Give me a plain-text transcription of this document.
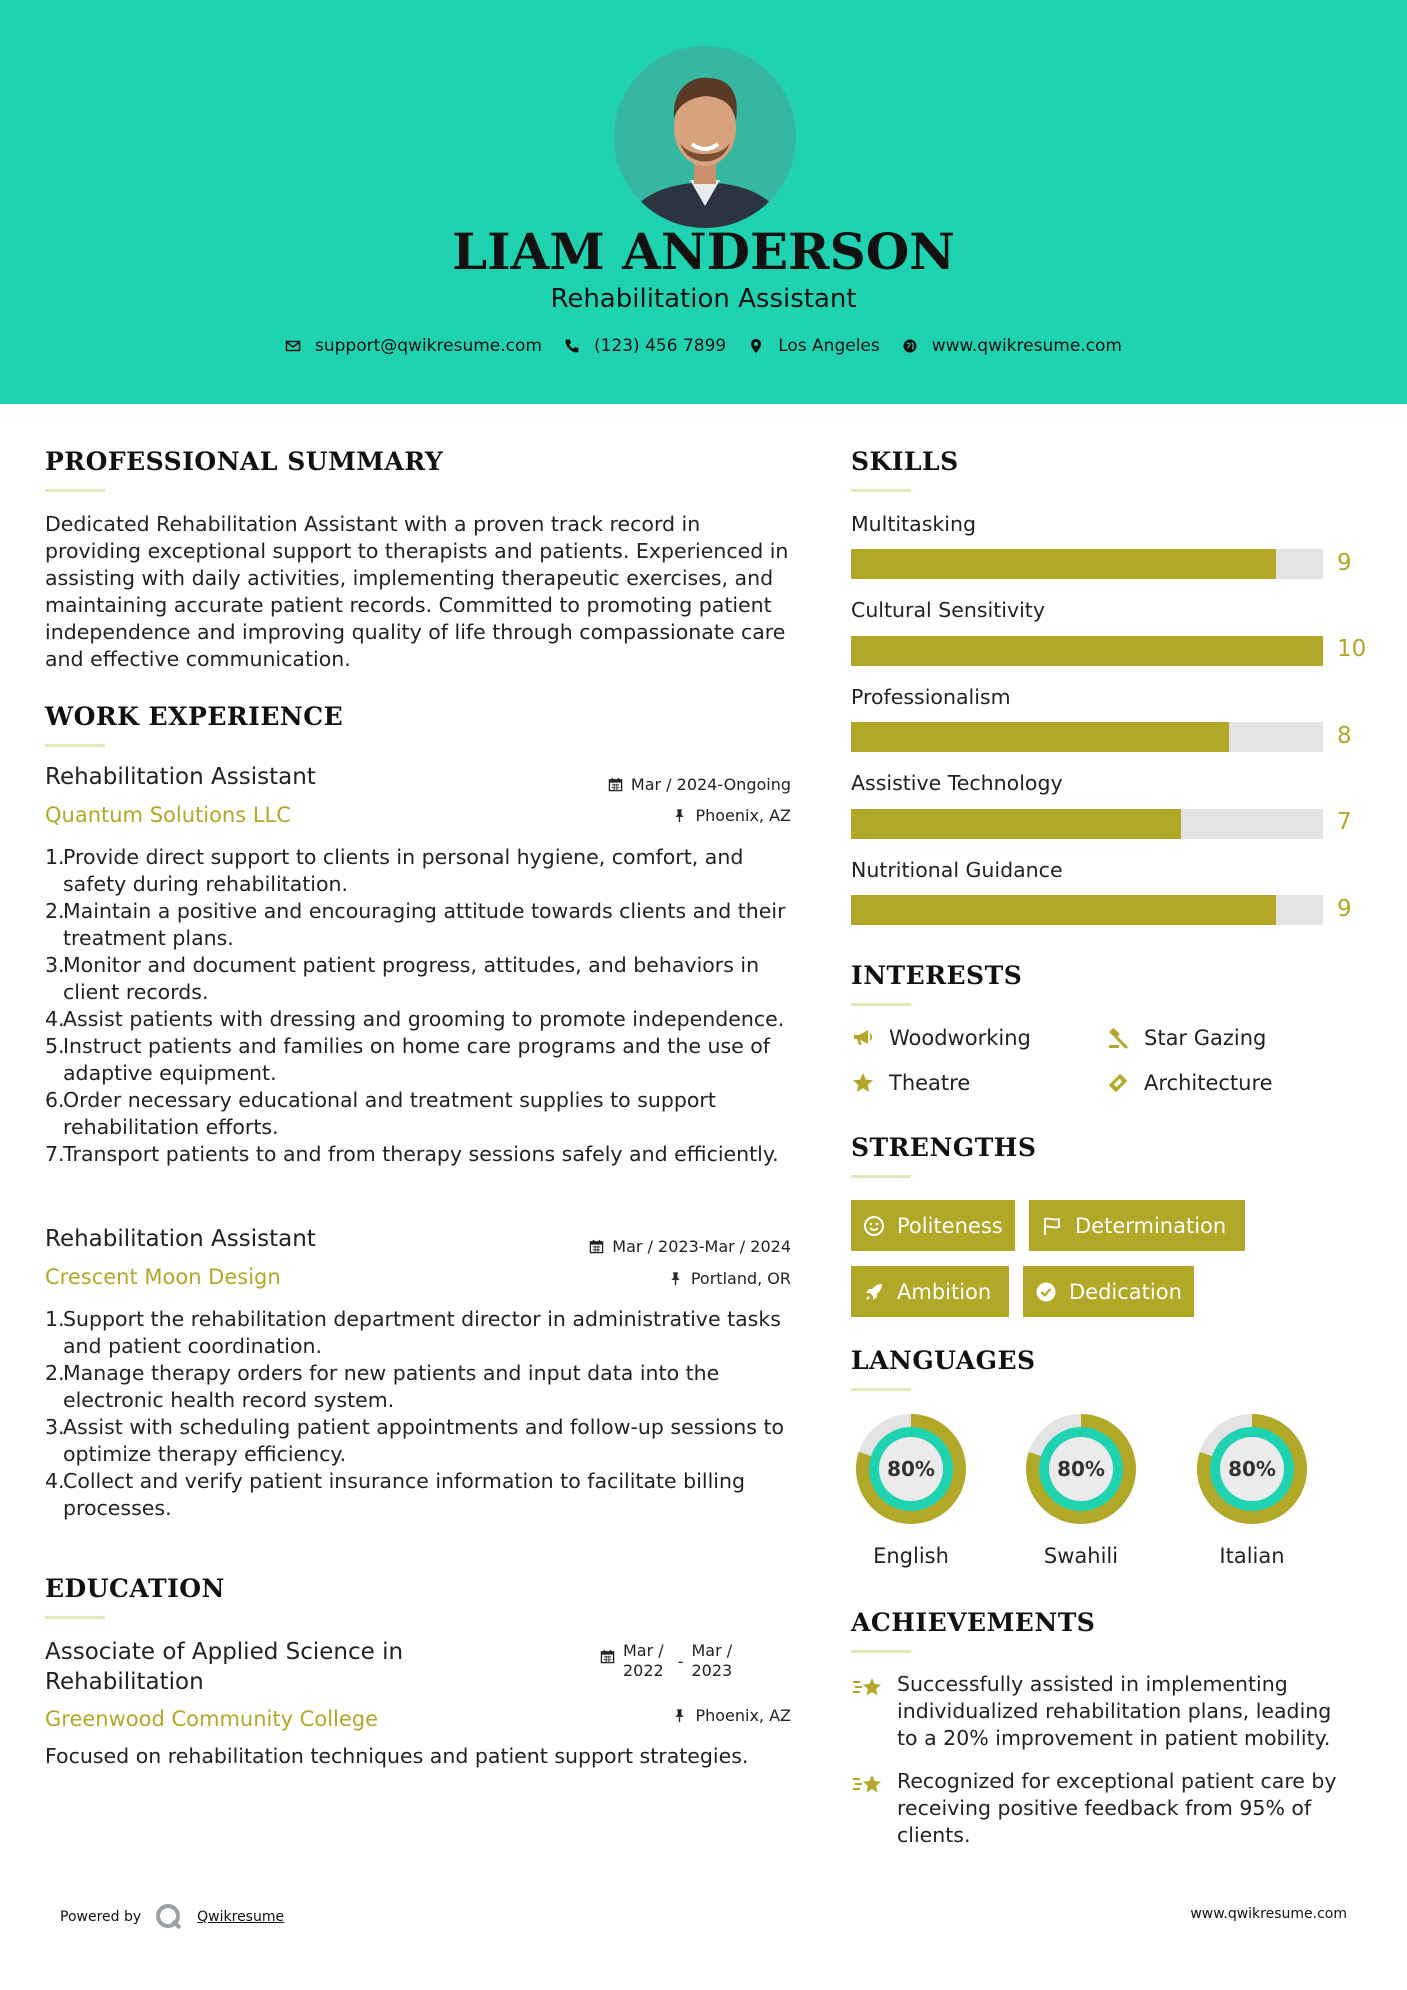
LIAM ANDERSON
Rehabilitation Assistant
support@qwikresume.com	(123) 456 7899	Los Angeles	www.qwikresume.com
PROFESSIONAL SUMMARY
Dedicated Rehabilitation Assistant with a proven track record in providing exceptional support to therapists and patients. Experienced in assisting with daily activities, implementing therapeutic exercises, and maintaining accurate patient records. Committed to promoting patient independence and improving quality of life through compassionate care and effective communication.
WORK EXPERIENCE
Rehabilitation Assistant
Quantum Solutions LLC
Mar / 2024-Ongoing
Phoenix, AZ
Provide direct support to clients in personal hygiene, comfort, and safety during rehabilitation.
Maintain a positive and encouraging attitude towards clients and their treatment plans.
Monitor and document patient progress, attitudes, and behaviors in client records.
Assist patients with dressing and grooming to promote independence.
Instruct patients and families on home care programs and the use of adaptive equipment.
Order necessary educational and treatment supplies to support rehabilitation efforts.
Transport patients to and from therapy sessions safely and efficiently.
Rehabilitation Assistant
Crescent Moon Design
Mar / 2023-Mar / 2024
Portland, OR
Support the rehabilitation department director in administrative tasks and patient coordination.
Manage therapy orders for new patients and input data into the electronic health record system.
Assist with scheduling patient appointments and follow-up sessions to optimize therapy efficiency.
Collect and verify patient insurance information to facilitate billing processes.
EDUCATION
Associate of Applied Science in
Rehabilitation
Greenwood Community College
Mar /
2022 -
Mar /
2023
Phoenix, AZ
Focused on rehabilitation techniques and patient support strategies.
SKILLS
Multitasking
9
Cultural Sensitivity
10
Professionalism
8
Assistive Technology
7
Nutritional Guidance
9
INTERESTS
Woodworking	Star Gazing
Theatre	Architecture
STRENGTHS
Politeness	Determination
Ambition	Dedication
LANGUAGES
80%
English
80%
Swahili
80%
Italian
ACHIEVEMENTS
Successfully assisted in implementing individualized rehabilitation plans, leading to a 20% improvement in patient mobility.
Recognized for exceptional patient care by receiving positive feedback from 95% of clients.
Powered by	Qwikresume	www.qwikresume.com
